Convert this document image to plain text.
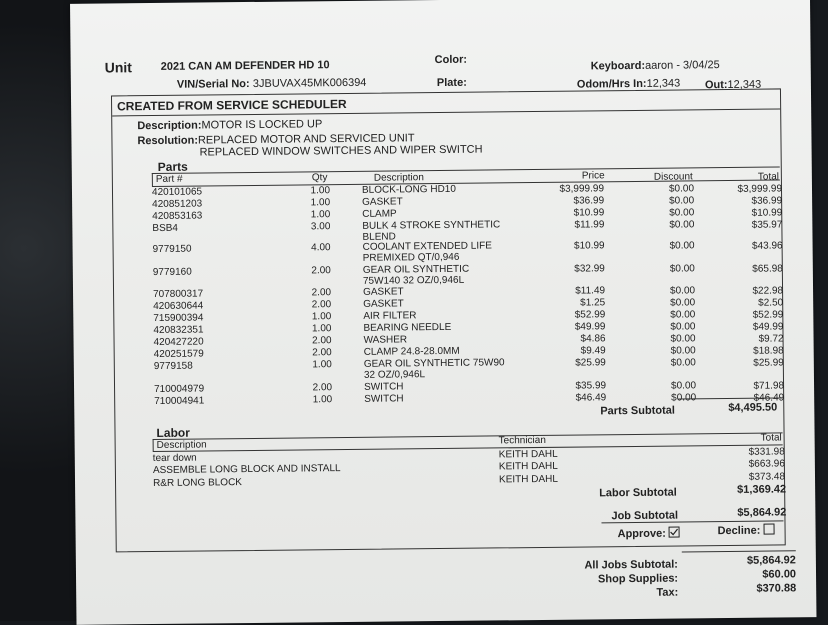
Unit	2021 CAN AM DEFENDER HD 10
VIN/Serial No: 3JBUVAX45MK006394
Color:
Plate:
Keyboard:aaron - 3/04/25
Odom/Hrs In:12,343 Out:12,343
CREATED FROM SERVICE SCHEDULER
Description:MOTOR IS LOCKED UP
Resolution:REPLACED MOTOR AND SERVICED UNIT
REPLACED WINDOW SWITCHES AND WIPER SWITCH
Parts
Part #	Qty	Description	Price	Discount	Total
420101065	1.00	BLOCK-LONG HD10	$3,999.99	$0.00	$3,999.99
420851203	1.00	GASKET	$36.99	$0.00	$36.99
420853163	1.00	CLAMP	$10.99	$0.00	$10.99
BSB4	3.00	BULK 4 STROKE SYNTHETIC	$11.99	$0.00	$35.97
BLEND
9779150	4.00	COOLANT EXTENDED LIFE	$10.99	$0.00	$43.96
PREMIXED QT/0,946
9779160	2.00	GEAR OIL SYNTHETIC	$32.99	$0.00	$65.98
75W140 32 OZ/0,946L
707800317	2.00	GASKET	$11.49	$0.00	$22.98
420630644	2.00	GASKET	$1.25	$0.00	$2.50
715900394	1.00	AIR FILTER	$52.99	$0.00	$52.99
420832351	1.00	BEARING NEEDLE	$49.99	$0.00	$49.99
420427220	2.00	WASHER	$4.86	$0.00	$9.72
420251579	2.00	CLAMP 24.8-28.0MM	$9.49	$0.00	$18.98
9779158	1.00	GEAR OIL SYNTHETIC 75W90	$25.99	$0.00	$25.99
32 OZ/0,946L
710004979	2.00	SWITCH	$35.99	$0.00	$71.98
710004941	1.00	SWITCH	$46.49	$0.00	$46.49
Parts Subtotal	$4,495.50
Labor
Description	Technician	Total
tear down	KEITH DAHL	$331.98
ASSEMBLE LONG BLOCK AND INSTALL	KEITH DAHL	$663.96
R&R LONG BLOCK	KEITH DAHL	$373.48
Labor Subtotal	$1,369.42
Job Subtotal	$5,864.92
Approve:	Decline:
All Jobs Subtotal:	$5,864.92
Shop Supplies:	$60.00
Tax:	$370.88
